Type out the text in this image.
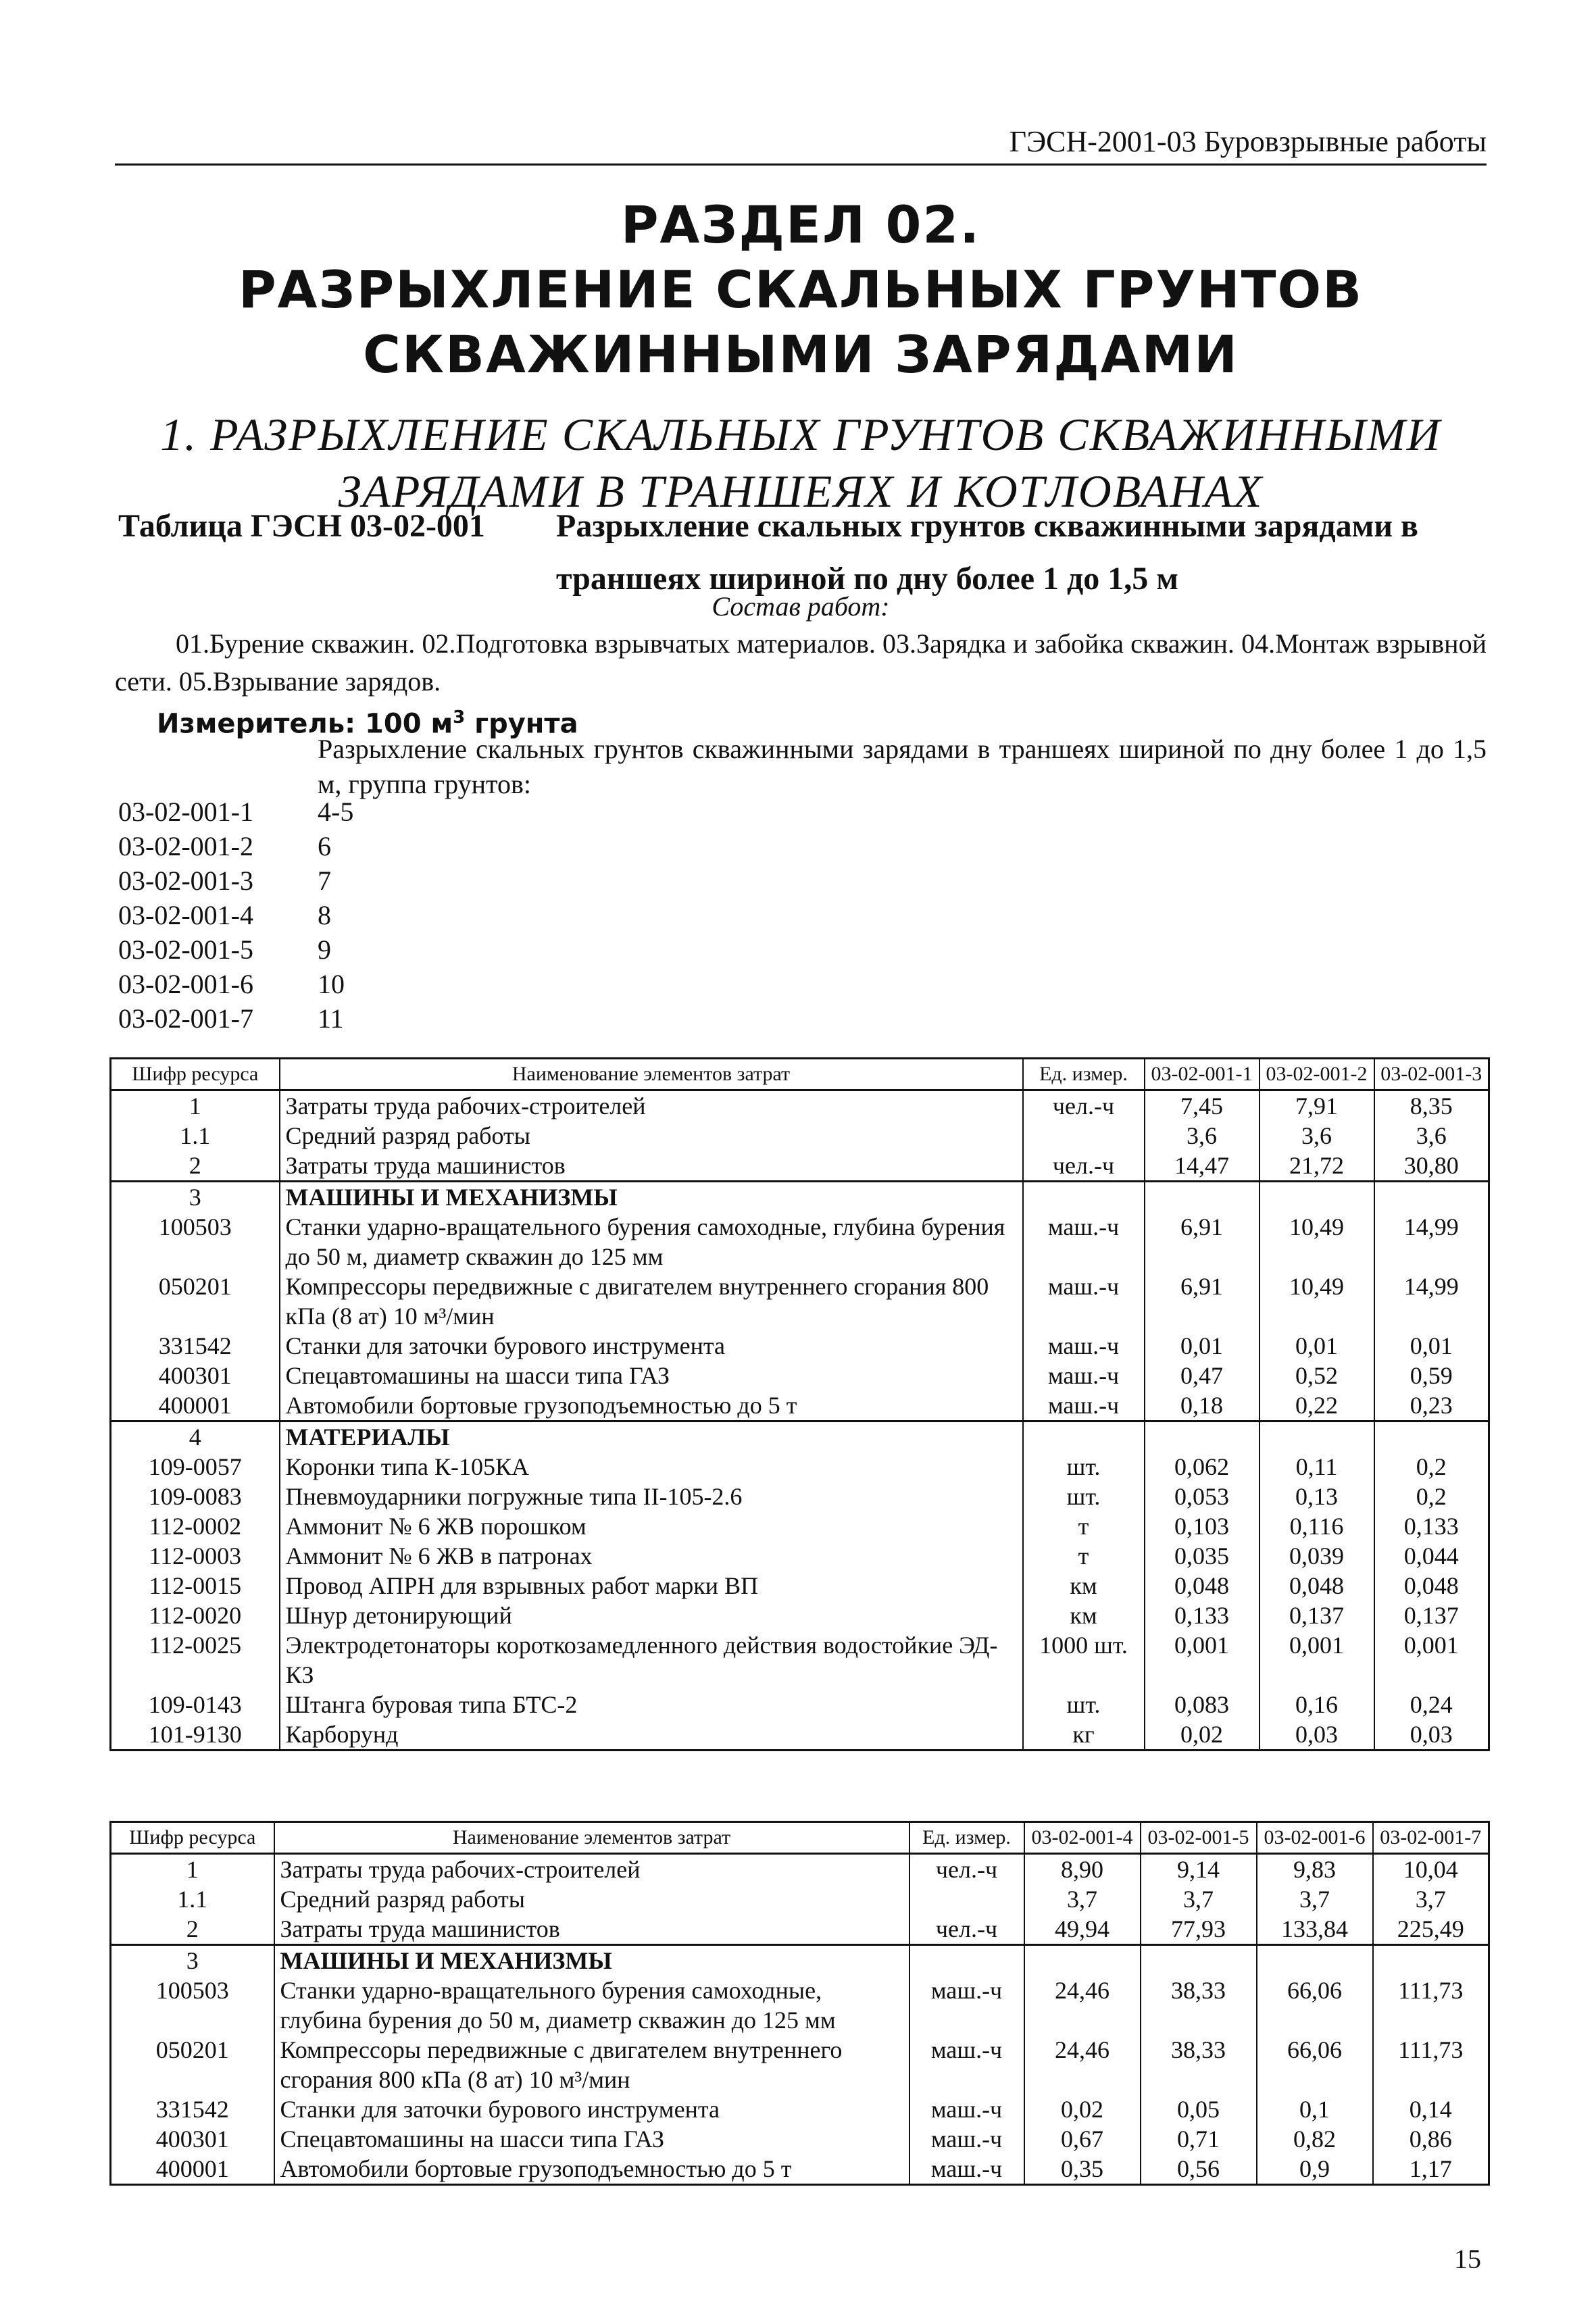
ГЭСН-2001-03 Буровзрывные работы
РАЗДЕЛ 02.
РАЗРЫХЛЕНИЕ СКАЛЬНЫХ ГРУНТОВ
СКВАЖИННЫМИ ЗАРЯДАМИ
1. РАЗРЫХЛЕНИЕ СКАЛЬНЫХ ГРУНТОВ СКВАЖИННЫМИ
ЗАРЯДАМИ В ТРАНШЕЯХ И КОТЛОВАНАХ
Таблица ГЭСН 03-02-001 Разрыхление скальных грунтов скважинными зарядами в траншеях шириной по дну более 1 до 1,5 м
Состав работ:
01.Бурение скважин. 02.Подготовка взрывчатых материалов. 03.Зарядка и забойка скважин. 04.Монтаж взрывной сети. 05.Взрывание зарядов.
Измеритель: 100 $м^3$ грунта
Разрыхление скальных грунтов скважинными зарядами в траншеях шириной по дну более 1 до 1,5 м, группа грунтов:
03-02-001-1	4-5
03-02-001-2	6
03-02-001-3	7
03-02-001-4	8
03-02-001-5	9
03-02-001-6	10
03-02-001-7	11
Шифр ресурса	Наименование элементов затрат	Ед. измер.	03-02-001-1	03-02-001-2	03-02-001-3
1	Затраты труда рабочих-строителей	чел.-ч	7,45	7,91	8,35
1.1	Средний разряд работы		3,6	3,6	3,6
2	Затраты труда машинистов	чел.-ч	14,47	21,72	30,80
3	МАШИНЫ И МЕХАНИЗМЫ				
100503	Станки ударно-вращательного бурения самоходные, глубина бурения до 50 м, диаметр скважин до 125 мм	маш.-ч	6,91	10,49	14,99
050201	Компрессоры передвижные с двигателем внутреннего сгорания 800 кПа (8 ат) 10 м³/мин	маш.-ч	6,91	10,49	14,99
331542	Станки для заточки бурового инструмента	маш.-ч	0,01	0,01	0,01
400301	Спецавтомашины на шасси типа ГАЗ	маш.-ч	0,47	0,52	0,59
400001	Автомобили бортовые грузоподъемностью до 5 т	маш.-ч	0,18	0,22	0,23
4	МАТЕРИАЛЫ				
109-0057	Коронки типа К-105КА	шт.	0,062	0,11	0,2
109-0083	Пневмоударники погружные типа II-105-2.6	шт.	0,053	0,13	0,2
112-0002	Аммонит № 6 ЖВ порошком	т	0,103	0,116	0,133
112-0003	Аммонит № 6 ЖВ в патронах	т	0,035	0,039	0,044
112-0015	Провод АПРН для взрывных работ марки ВП	км	0,048	0,048	0,048
112-0020	Шнур детонирующий	км	0,133	0,137	0,137
112-0025	Электродетонаторы короткозамедленного действия водостойкие ЭД-КЗ	1000 шт.	0,001	0,001	0,001
109-0143	Штанга буровая типа БТС-2	шт.	0,083	0,16	0,24
101-9130	Карборунд	кг	0,02	0,03	0,03
Шифр ресурса	Наименование элементов затрат	Ед. измер.	03-02-001-4	03-02-001-5	03-02-001-6	03-02-001-7
1	Затраты труда рабочих-строителей	чел.-ч	8,90	9,14	9,83	10,04
1.1	Средний разряд работы		3,7	3,7	3,7	3,7
2	Затраты труда машинистов	чел.-ч	49,94	77,93	133,84	225,49
3	МАШИНЫ И МЕХАНИЗМЫ					
100503	Станки ударно-вращательного бурения самоходные, глубина бурения до 50 м, диаметр скважин до 125 мм	маш.-ч	24,46	38,33	66,06	111,73
050201	Компрессоры передвижные с двигателем внутреннего сгорания 800 кПа (8 ат) 10 м³/мин	маш.-ч	24,46	38,33	66,06	111,73
331542	Станки для заточки бурового инструмента	маш.-ч	0,02	0,05	0,1	0,14
400301	Спецавтомашины на шасси типа ГАЗ	маш.-ч	0,67	0,71	0,82	0,86
400001	Автомобили бортовые грузоподъемностью до 5 т	маш.-ч	0,35	0,56	0,9	1,17
15
